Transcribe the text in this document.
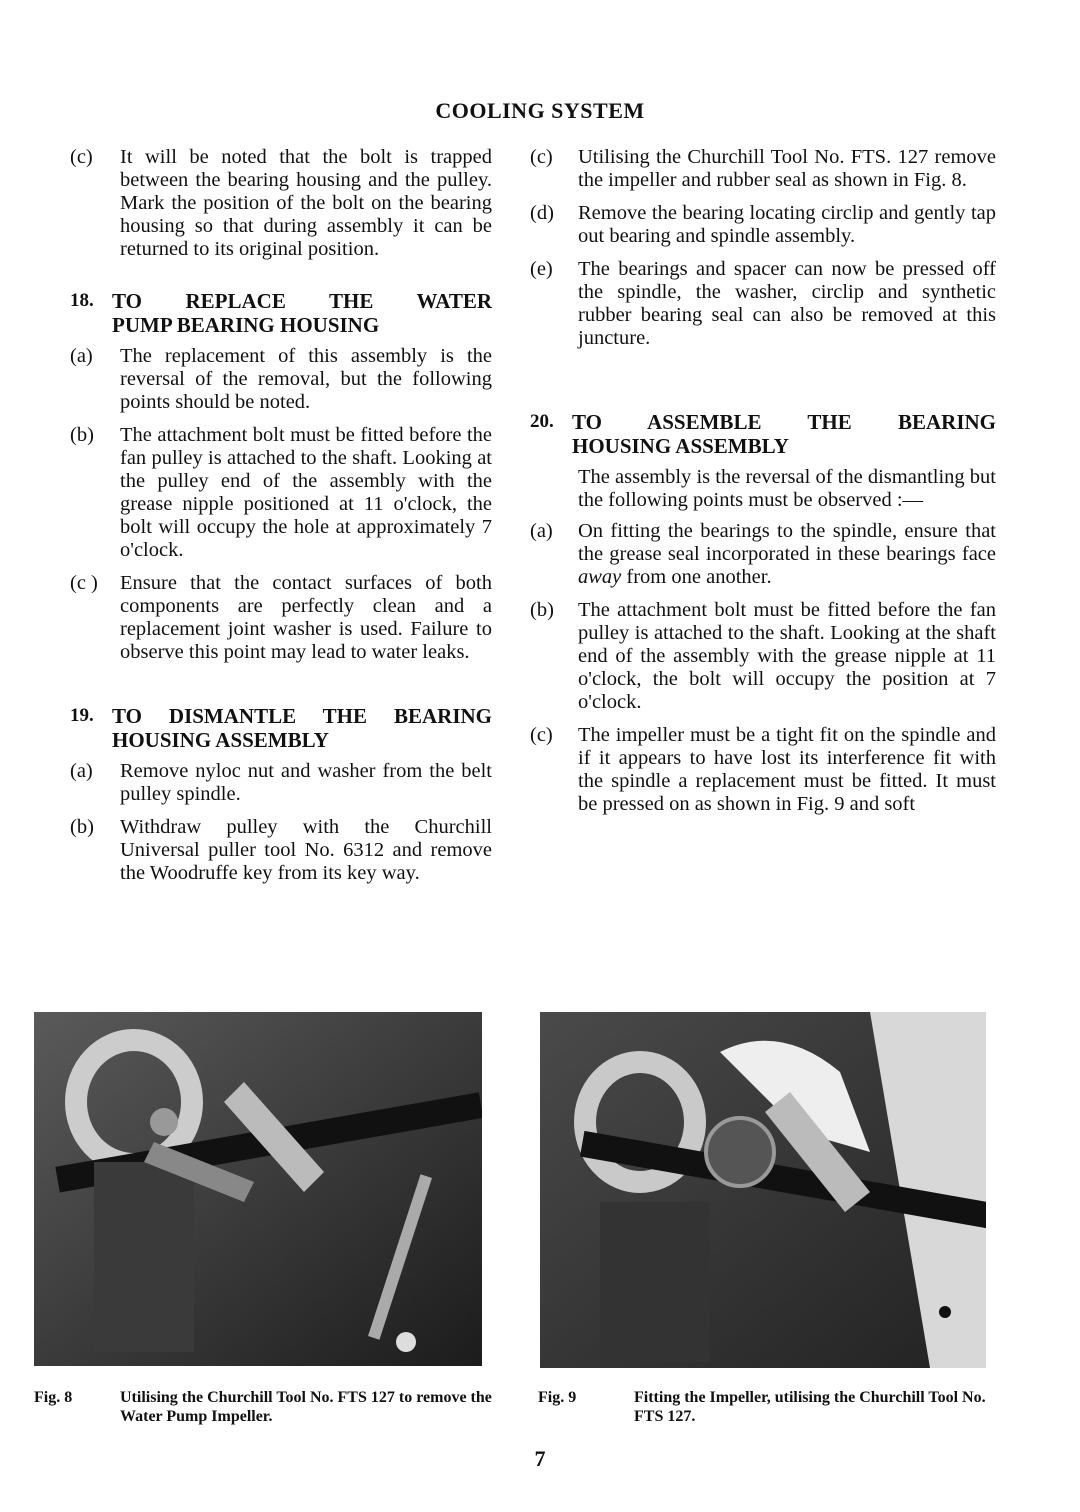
COOLING SYSTEM
(c)	It will be noted that the bolt is trapped between the bearing housing and the pulley. Mark the position of the bolt on the bearing housing so that during assembly it can be returned to its original position.
18. TO REPLACE THE WATER
PUMP BEARING HOUSING
(a)	The replacement of this assembly is the reversal of the removal, but the following points should be noted.
(b)	The attachment bolt must be fitted before the fan pulley is attached to the shaft. Looking at the pulley end of the assembly with the grease nipple positioned at 11 o'clock, the bolt will occupy the hole at approximately 7 o'clock.
(c )	Ensure that the contact surfaces of both components are perfectly clean and a replacement joint washer is used. Failure to observe this point may lead to water leaks.
19. TO DISMANTLE THE BEARING
HOUSING ASSEMBLY
(a)	Remove nyloc nut and washer from the belt pulley spindle.
(b)	Withdraw pulley with the Churchill Universal puller tool No. 6312 and remove the Woodruffe key from its key way.
(c)	Utilising the Churchill Tool No. FTS. 127 remove the impeller and rubber seal as shown in Fig. 8.
(d)	Remove the bearing locating circlip and gently tap out bearing and spindle assembly.
(e)	The bearings and spacer can now be pressed off the spindle, the washer, circlip and synthetic rubber bearing seal can also be removed at this juncture.
20. TO ASSEMBLE THE BEARING
HOUSING ASSEMBLY

The assembly is the reversal of the dismantling but the following points must be observed :—

(a)	On fitting the bearings to the spindle, ensure that the grease seal incorporated in these bearings face away from one another.
(b)	The attachment bolt must be fitted before the fan pulley is attached to the shaft. Looking at the shaft end of the assembly with the grease nipple at 11 o'clock, the bolt will occupy the position at 7 o'clock.
(c)	The impeller must be a tight fit on the spindle and if it appears to have lost its interference fit with the spindle a replacement must be fitted. It must be pressed on as shown in Fig. 9 and soft
Fig. 8	Utilising the Churchill Tool No. FTS 127 to remove the Water Pump Impeller.
Fig. 9	Fitting the Impeller, utilising the Churchill Tool No. FTS 127.
7
